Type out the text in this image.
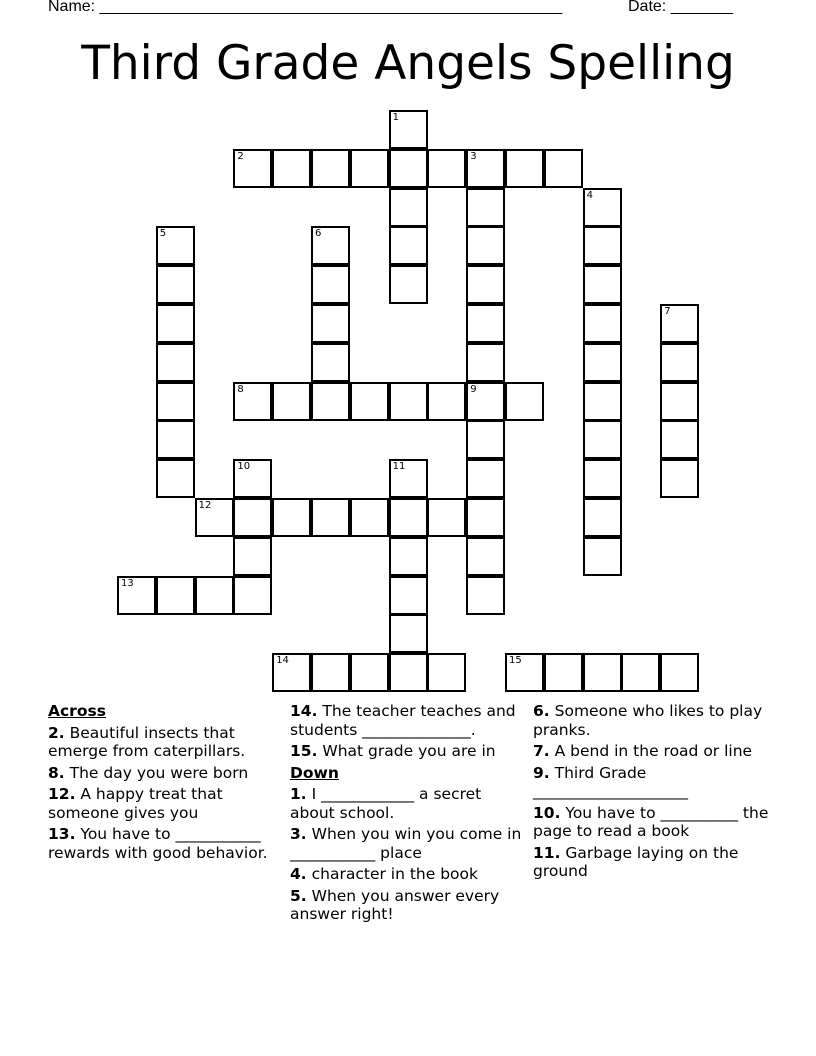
Name: ____________________________________________________	Date: _______
Third Grade Angels Spelling
1
2	3
4
5	6
7
8	9
10	11
12
13
14	15
Across
2. Beautiful insects that emerge from caterpillars.
8. The day you were born
12. A happy treat that someone gives you
13. You have to ___________ rewards with good behavior.
14. The teacher teaches and students ______________.
15. What grade you are in
Down
1. I ____________ a secret about school.
3. When you win you come in ___________ place
4. character in the book
5. When you answer every answer right!
6. Someone who likes to play pranks.
7. A bend in the road or line
9. Third Grade ____________________
10. You have to __________ the page to read a book
11. Garbage laying on the ground
